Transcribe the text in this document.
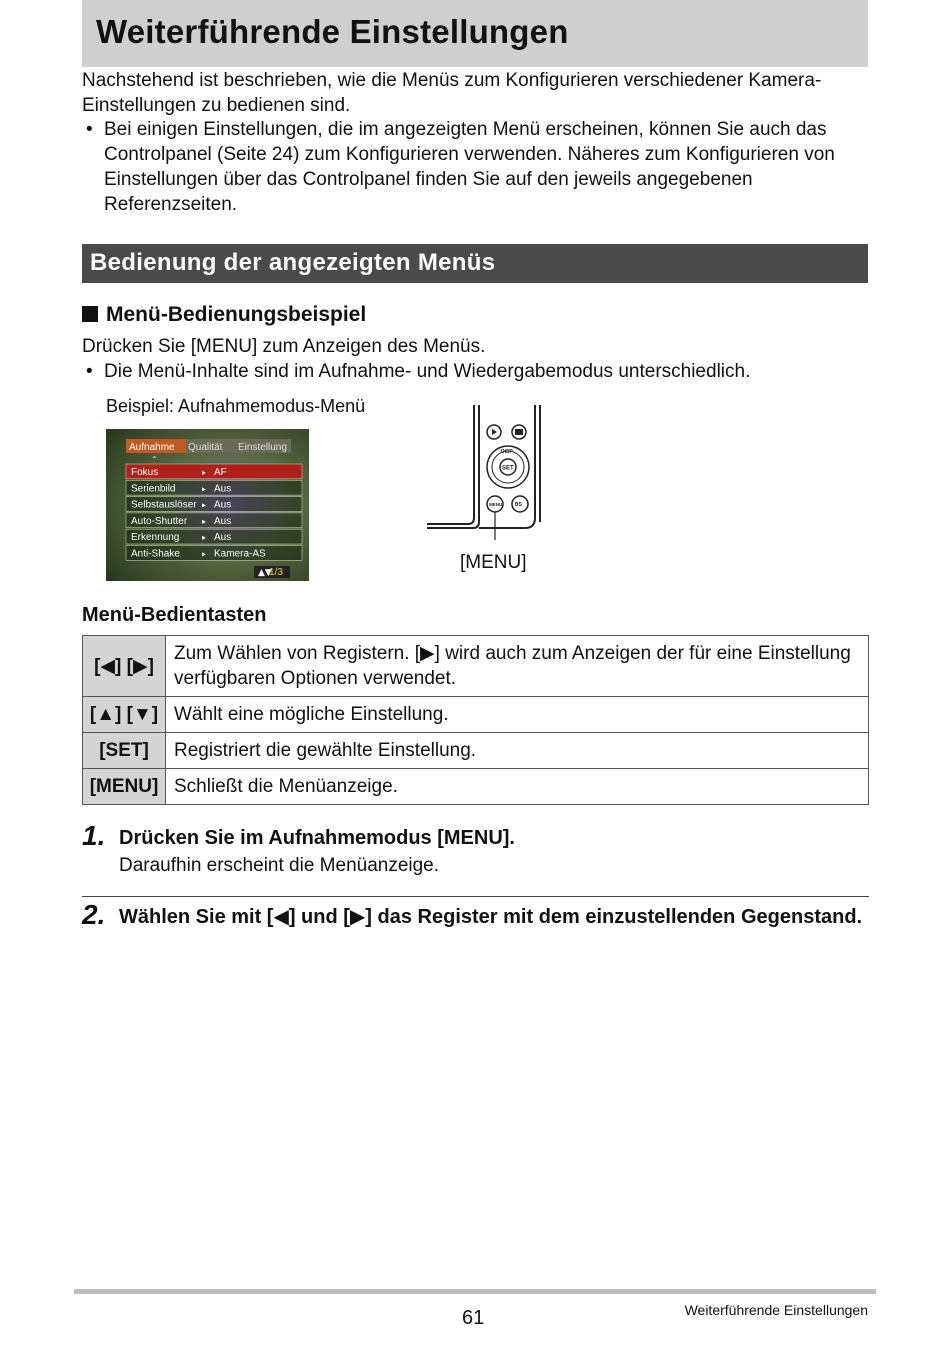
Weiterführende Einstellungen

Nachstehend ist beschrieben, wie die Menüs zum Konfigurieren verschiedener Kamera-Einstellungen zu bedienen sind.

• Bei einigen Einstellungen, die im angezeigten Menü erscheinen, können Sie auch das Controlpanel (Seite 24) zum Konfigurieren verwenden. Näheres zum Konfigurieren von Einstellungen über das Controlpanel finden Sie auf den jeweils angegebenen Referenzseiten.

Bedienung der angezeigten Menüs
Menü-Bedienungsbeispiel

Drücken Sie [MENU] zum Anzeigen des Menüs.

• Die Menü-Inhalte sind im Aufnahme- und Wiedergabemodus unterschiedlich.

Beispiel: Aufnahmemodus-Menü
Aufnahme Qualität Einstellung
⌃
Fokus	▸ AF
Serienbild	▸ Aus
Selbstauslöser ▸ Aus
Auto-Shutter ▸ Aus
Erkennung	▸ Aus
Anti-Shake	▸ Kamera-AS
▲▼
1/3
SET
DISP
MENU	BS
[MENU]
Menü-Bedientasten
[◀] [▶]	Zum Wählen von Registern. [▶] wird auch zum Anzeigen der für eine Einstellung verfügbaren Optionen verwendet.
[▲] [▼]	Wählt eine mögliche Einstellung.
[SET]	Registriert die gewählte Einstellung.
[MENU]	Schließt die Menüanzeige.
1. Drücken Sie im Aufnahmemodus [MENU].
Daraufhin erscheint die Menüanzeige.
2. Wählen Sie mit [◀] und [▶] das Register mit dem einzustellenden Gegenstand.
61	Weiterführende Einstellungen
